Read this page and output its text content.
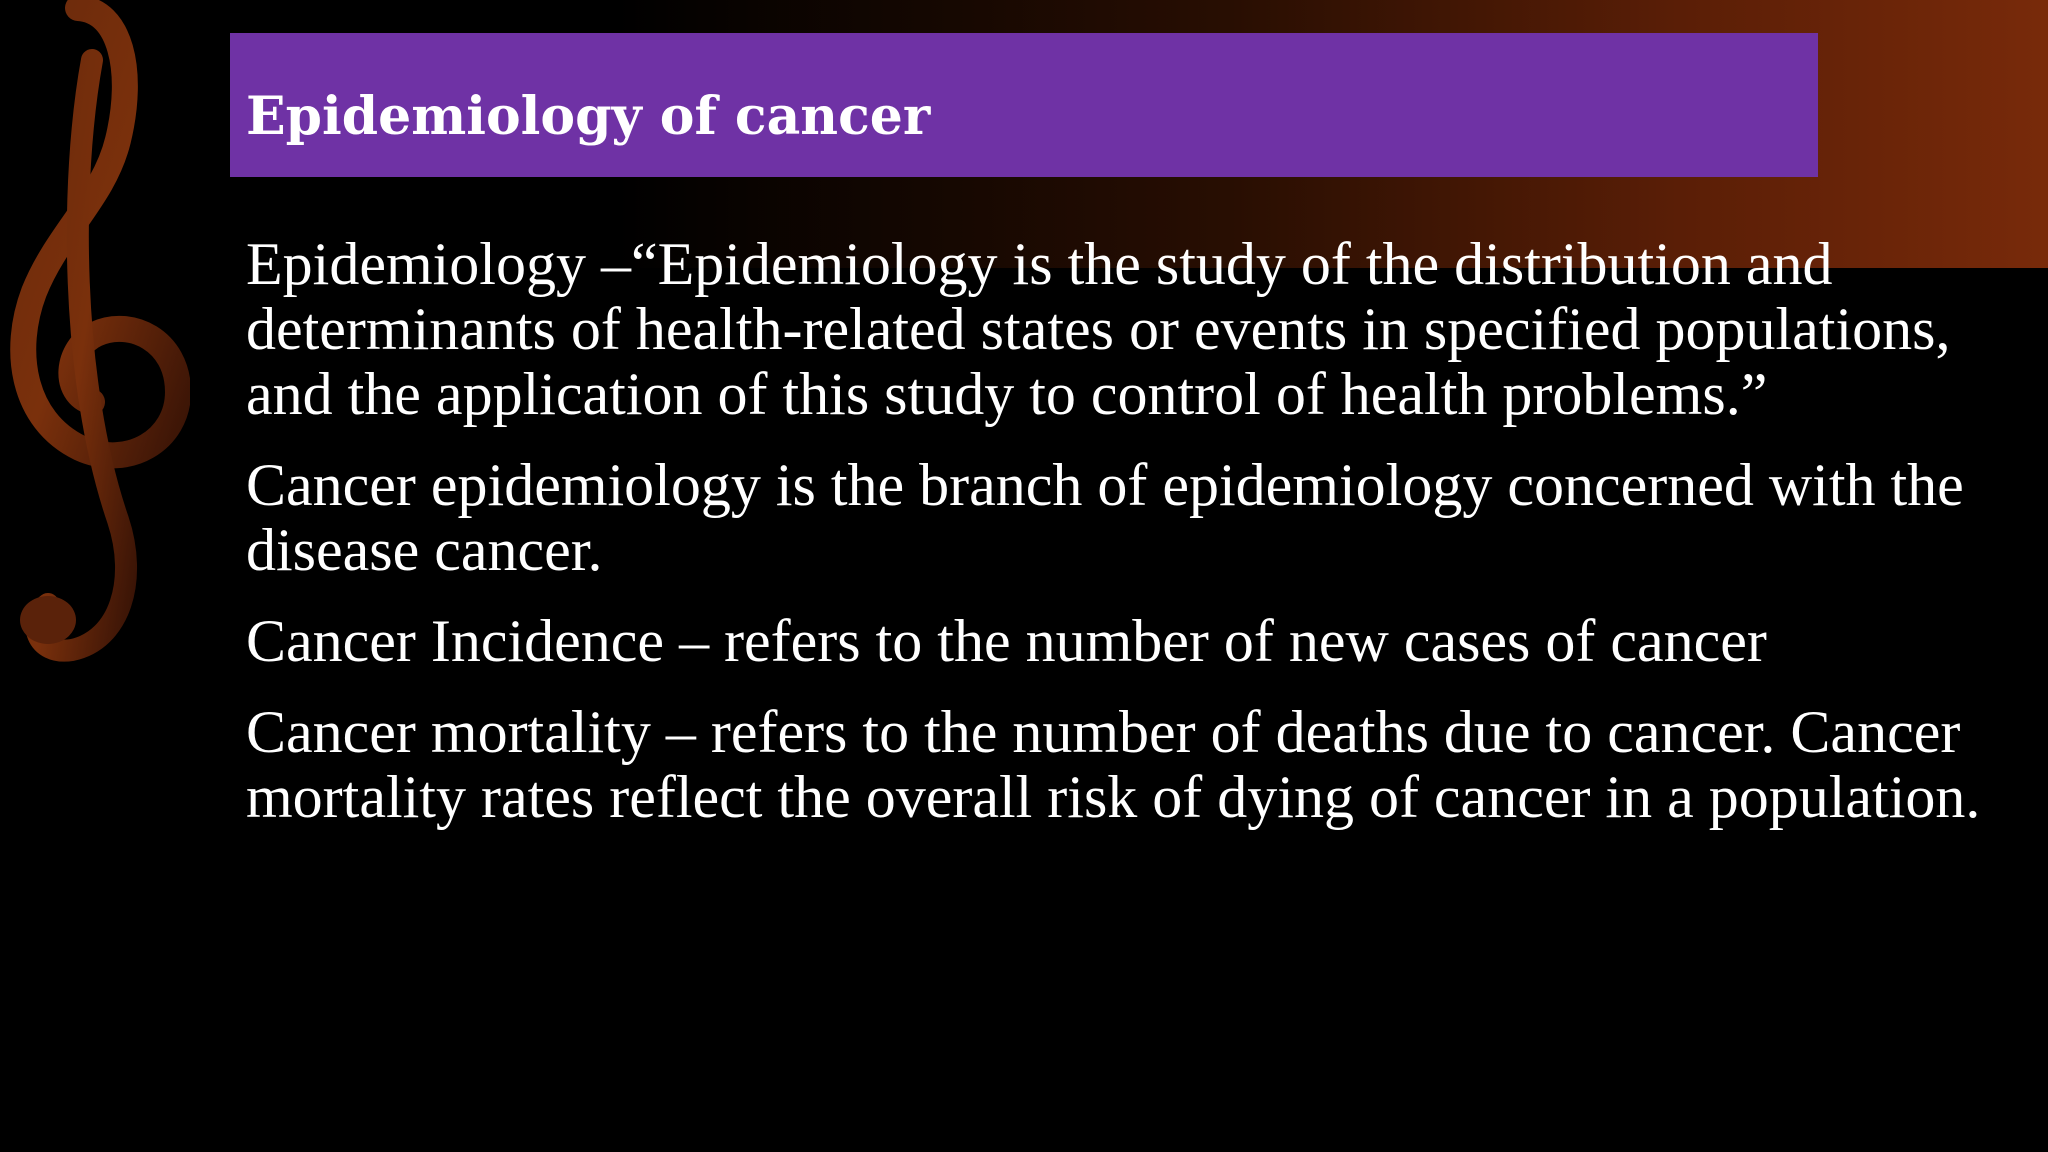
Epidemiology of cancer

Epidemiology –“Epidemiology is the study of the distribution and determinants of health-related states or events in specified populations, and the application of this study to control of health problems.”

Cancer epidemiology is the branch of epidemiology concerned with the disease cancer.

Cancer Incidence – refers to the number of new cases of cancer

Cancer mortality – refers to the number of deaths due to cancer. Cancer mortality rates reflect the overall risk of dying of cancer in a population.
